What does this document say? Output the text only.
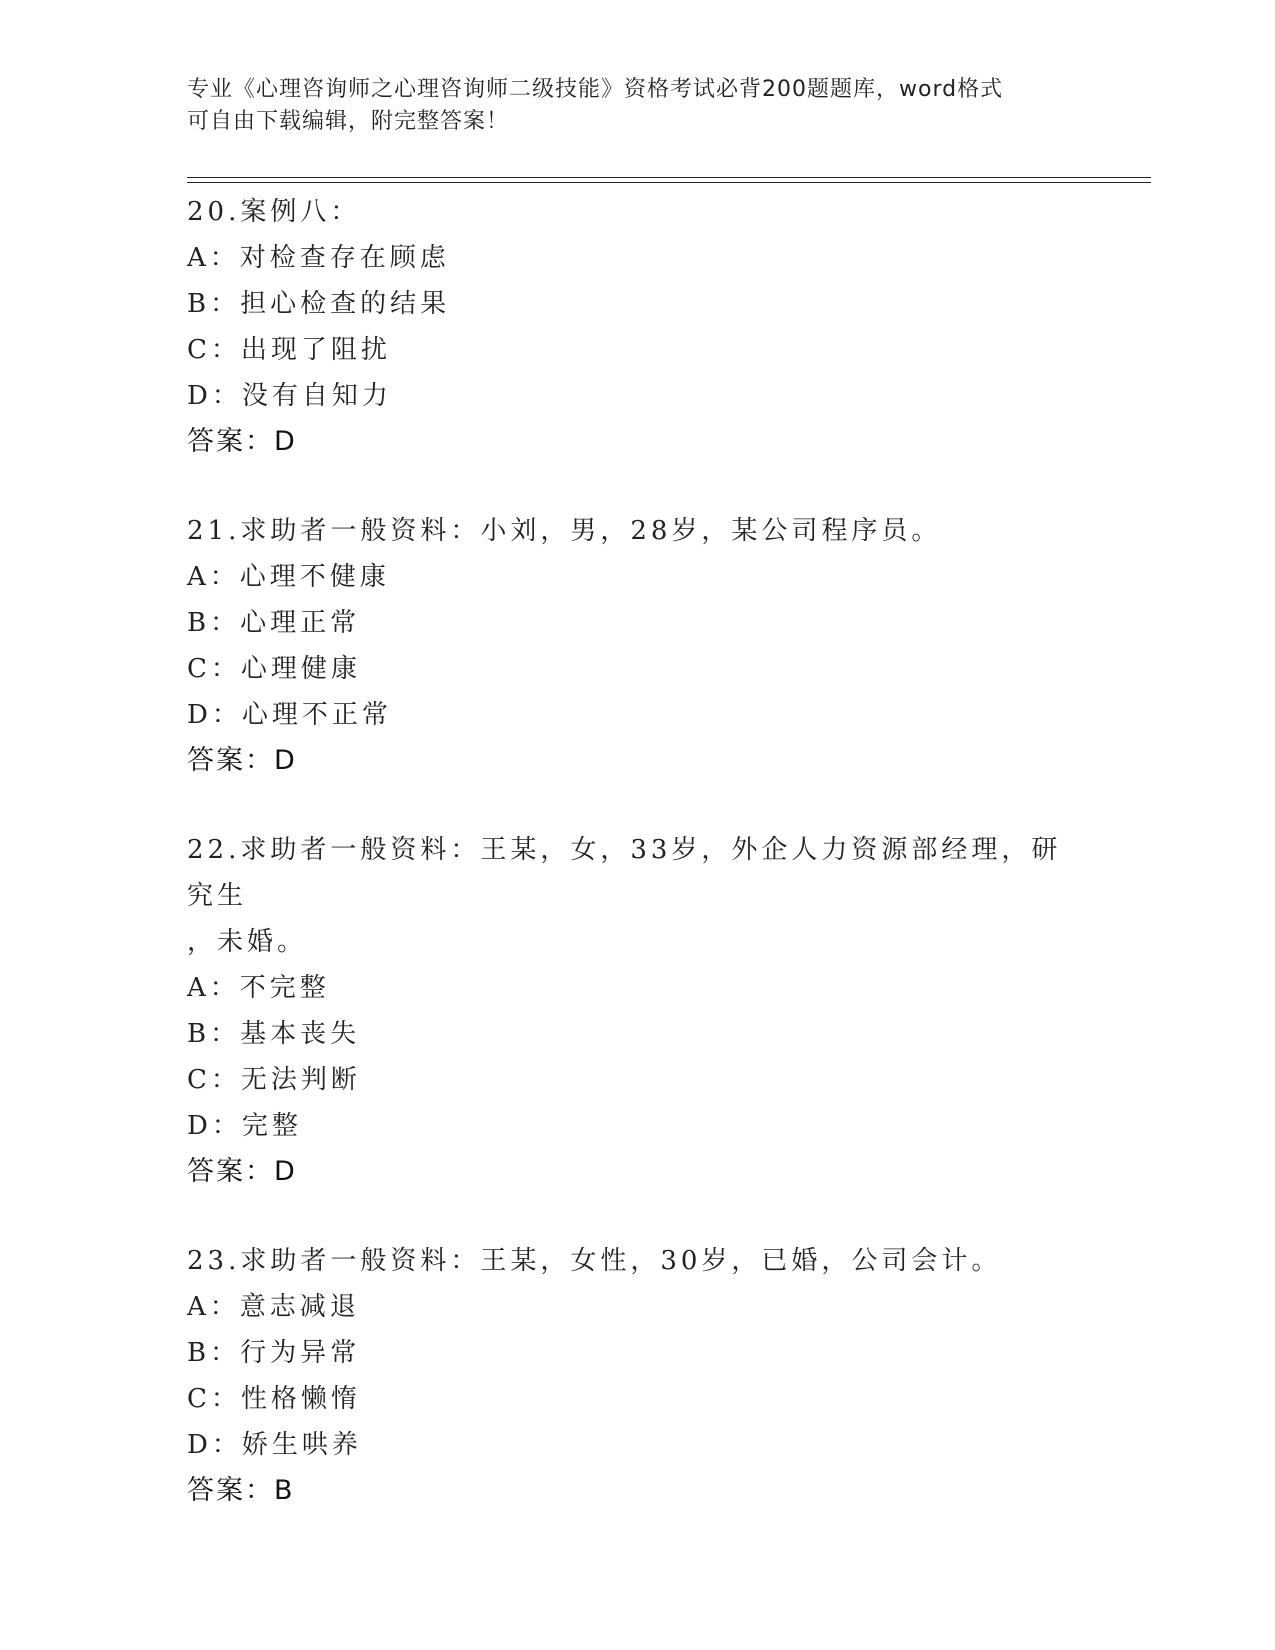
专业《心理咨询师之心理咨询师二级技能》资格考试必背200题题库，word格式
可自由下载编辑，附完整答案！
20.案例八：
A：对检查存在顾虑
B：担心检查的结果
C：出现了阻扰
D：没有自知力
答案：D
21.求助者一般资料：小刘，男，28岁，某公司程序员。
A：心理不健康
B：心理正常
C：心理健康
D：心理不正常
答案：D
22.求助者一般资料：王某，女，33岁，外企人力资源部经理，研究生
，未婚。
A：不完整
B：基本丧失
C：无法判断
D：完整
答案：D
23.求助者一般资料：王某，女性，30岁，已婚，公司会计。
A：意志减退
B：行为异常
C：性格懒惰
D：娇生哄养
答案：B
